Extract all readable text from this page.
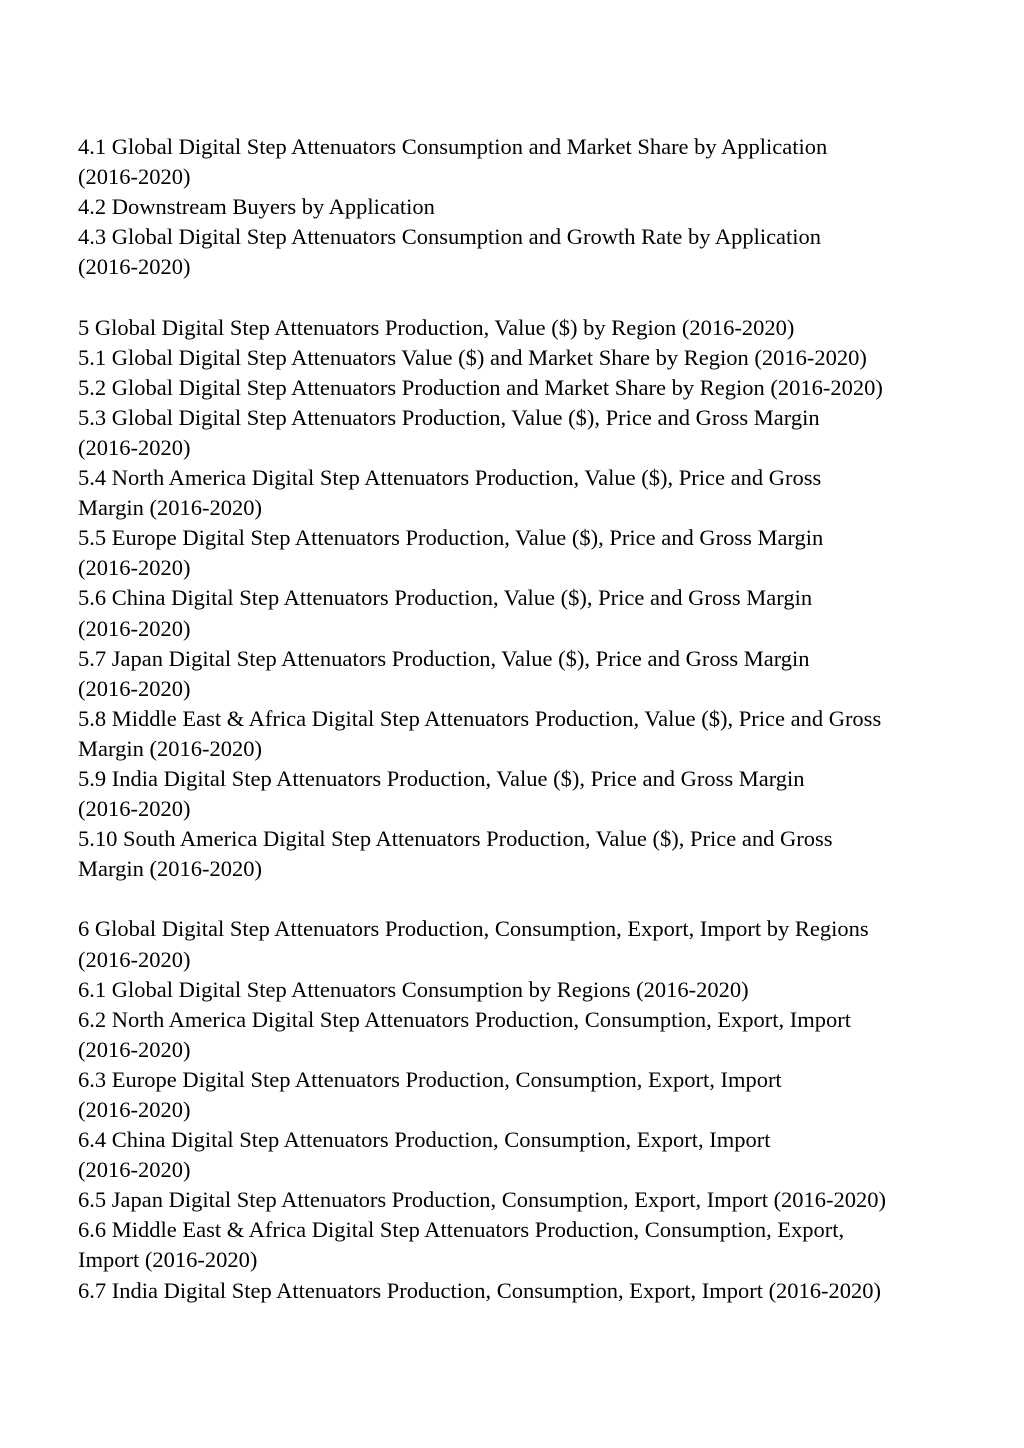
4.1 Global Digital Step Attenuators Consumption and Market Share by Application
(2016-2020)
4.2 Downstream Buyers by Application
4.3 Global Digital Step Attenuators Consumption and Growth Rate by Application
(2016-2020)
5 Global Digital Step Attenuators Production, Value ($) by Region (2016-2020)
5.1 Global Digital Step Attenuators Value ($) and Market Share by Region (2016-2020)
5.2 Global Digital Step Attenuators Production and Market Share by Region (2016-2020)
5.3 Global Digital Step Attenuators Production, Value ($), Price and Gross Margin
(2016-2020)
5.4 North America Digital Step Attenuators Production, Value ($), Price and Gross
Margin (2016-2020)
5.5 Europe Digital Step Attenuators Production, Value ($), Price and Gross Margin
(2016-2020)
5.6 China Digital Step Attenuators Production, Value ($), Price and Gross Margin
(2016-2020)
5.7 Japan Digital Step Attenuators Production, Value ($), Price and Gross Margin
(2016-2020)
5.8 Middle East & Africa Digital Step Attenuators Production, Value ($), Price and Gross
Margin (2016-2020)
5.9 India Digital Step Attenuators Production, Value ($), Price and Gross Margin
(2016-2020)
5.10 South America Digital Step Attenuators Production, Value ($), Price and Gross
Margin (2016-2020)
6 Global Digital Step Attenuators Production, Consumption, Export, Import by Regions
(2016-2020)
6.1 Global Digital Step Attenuators Consumption by Regions (2016-2020)
6.2 North America Digital Step Attenuators Production, Consumption, Export, Import
(2016-2020)
6.3 Europe Digital Step Attenuators Production, Consumption, Export, Import
(2016-2020)
6.4 China Digital Step Attenuators Production, Consumption, Export, Import
(2016-2020)
6.5 Japan Digital Step Attenuators Production, Consumption, Export, Import (2016-2020)
6.6 Middle East & Africa Digital Step Attenuators Production, Consumption, Export,
Import (2016-2020)
6.7 India Digital Step Attenuators Production, Consumption, Export, Import (2016-2020)
